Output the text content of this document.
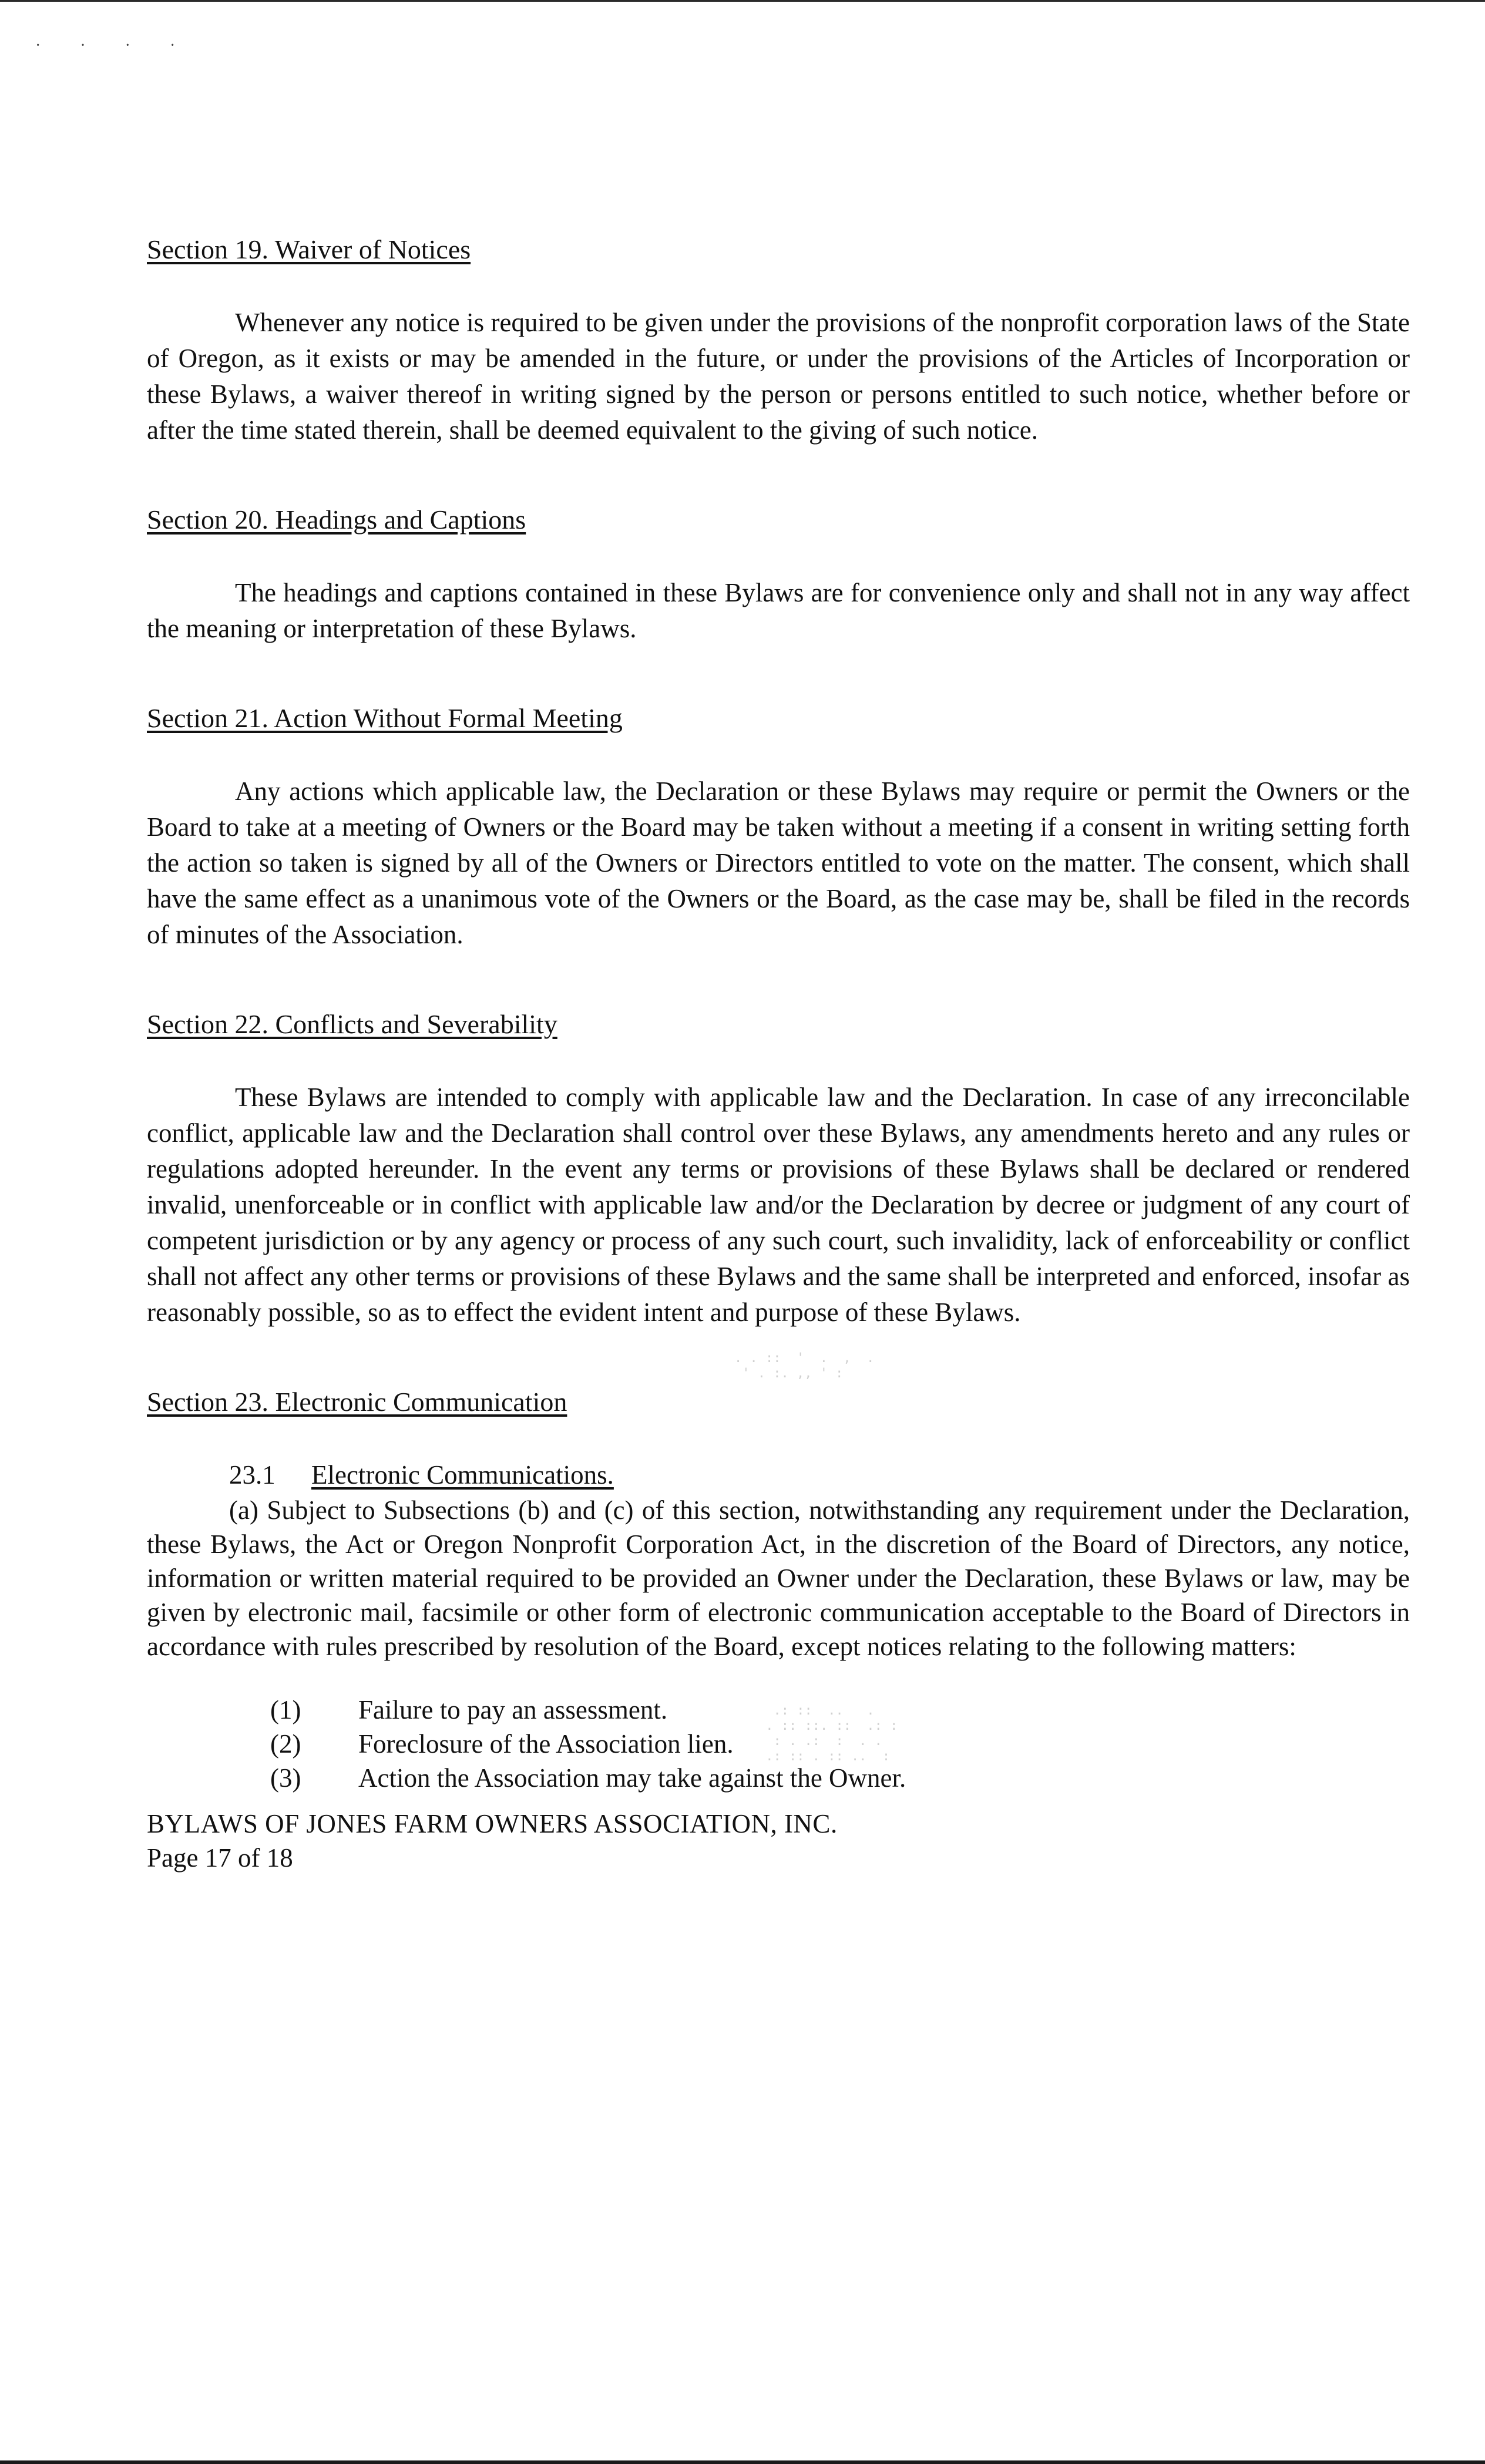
· · · ·

Section 19. Waiver of Notices

Whenever any notice is required to be given under the provisions of the nonprofit corporation laws of the State of Oregon, as it exists or may be amended in the future, or under the provisions of the Articles of Incorporation or these Bylaws, a waiver thereof in writing signed by the person or persons entitled to such notice, whether before or after the time stated therein, shall be deemed equivalent to the giving of such notice.

Section 20. Headings and Captions

The headings and captions contained in these Bylaws are for convenience only and shall not in any way affect the meaning or interpretation of these Bylaws.

Section 21. Action Without Formal Meeting

Any actions which applicable law, the Declaration or these Bylaws may require or permit the Owners or the Board to take at a meeting of Owners or the Board may be taken without a meeting if a consent in writing setting forth the action so taken is signed by all of the Owners or Directors entitled to vote on the matter. The consent, which shall have the same effect as a unanimous vote of the Owners or the Board, as the case may be, shall be filed in the records of minutes of the Association.

Section 22. Conflicts and Severability

These Bylaws are intended to comply with applicable law and the Declaration. In case of any irreconcilable conflict, applicable law and the Declaration shall control over these Bylaws, any amendments hereto and any rules or regulations adopted hereunder. In the event any terms or provisions of these Bylaws shall be declared or rendered invalid, unenforceable or in conflict with applicable law and/or the Declaration by decree or judgment of any court of competent jurisdiction or by any agency or process of any such court, such invalidity, lack of enforceability or conflict shall not affect any other terms or provisions of these Bylaws and the same shall be interpreted and enforced, insofar as reasonably possible, so as to effect the evident intent and purpose of these Bylaws.

Section 23. Electronic Communication

23.1 Electronic Communications.

(a) Subject to Subsections (b) and (c) of this section, notwithstanding any requirement under the Declaration, these Bylaws, the Act or Oregon Nonprofit Corporation Act, in the discretion of the Board of Directors, any notice, information or written material required to be provided an Owner under the Declaration, these Bylaws or law, may be given by electronic mail, facsimile or other form of electronic communication acceptable to the Board of Directors in accordance with rules prescribed by resolution of the Board, except notices relating to the following matters:

(1) Failure to pay an assessment.
(2) Foreclosure of the Association lien.
(3) Action the Association may take against the Owner.

BYLAWS OF JONES FARM OWNERS ASSOCIATION, INC.

Page 17 of 18

. . ::  '  .  ,  .
' . :. ,, ' :
.: ::  ..   .
. :: ::. ::  .: :
: . .:  :  . .
.: :: . :: ..  :
